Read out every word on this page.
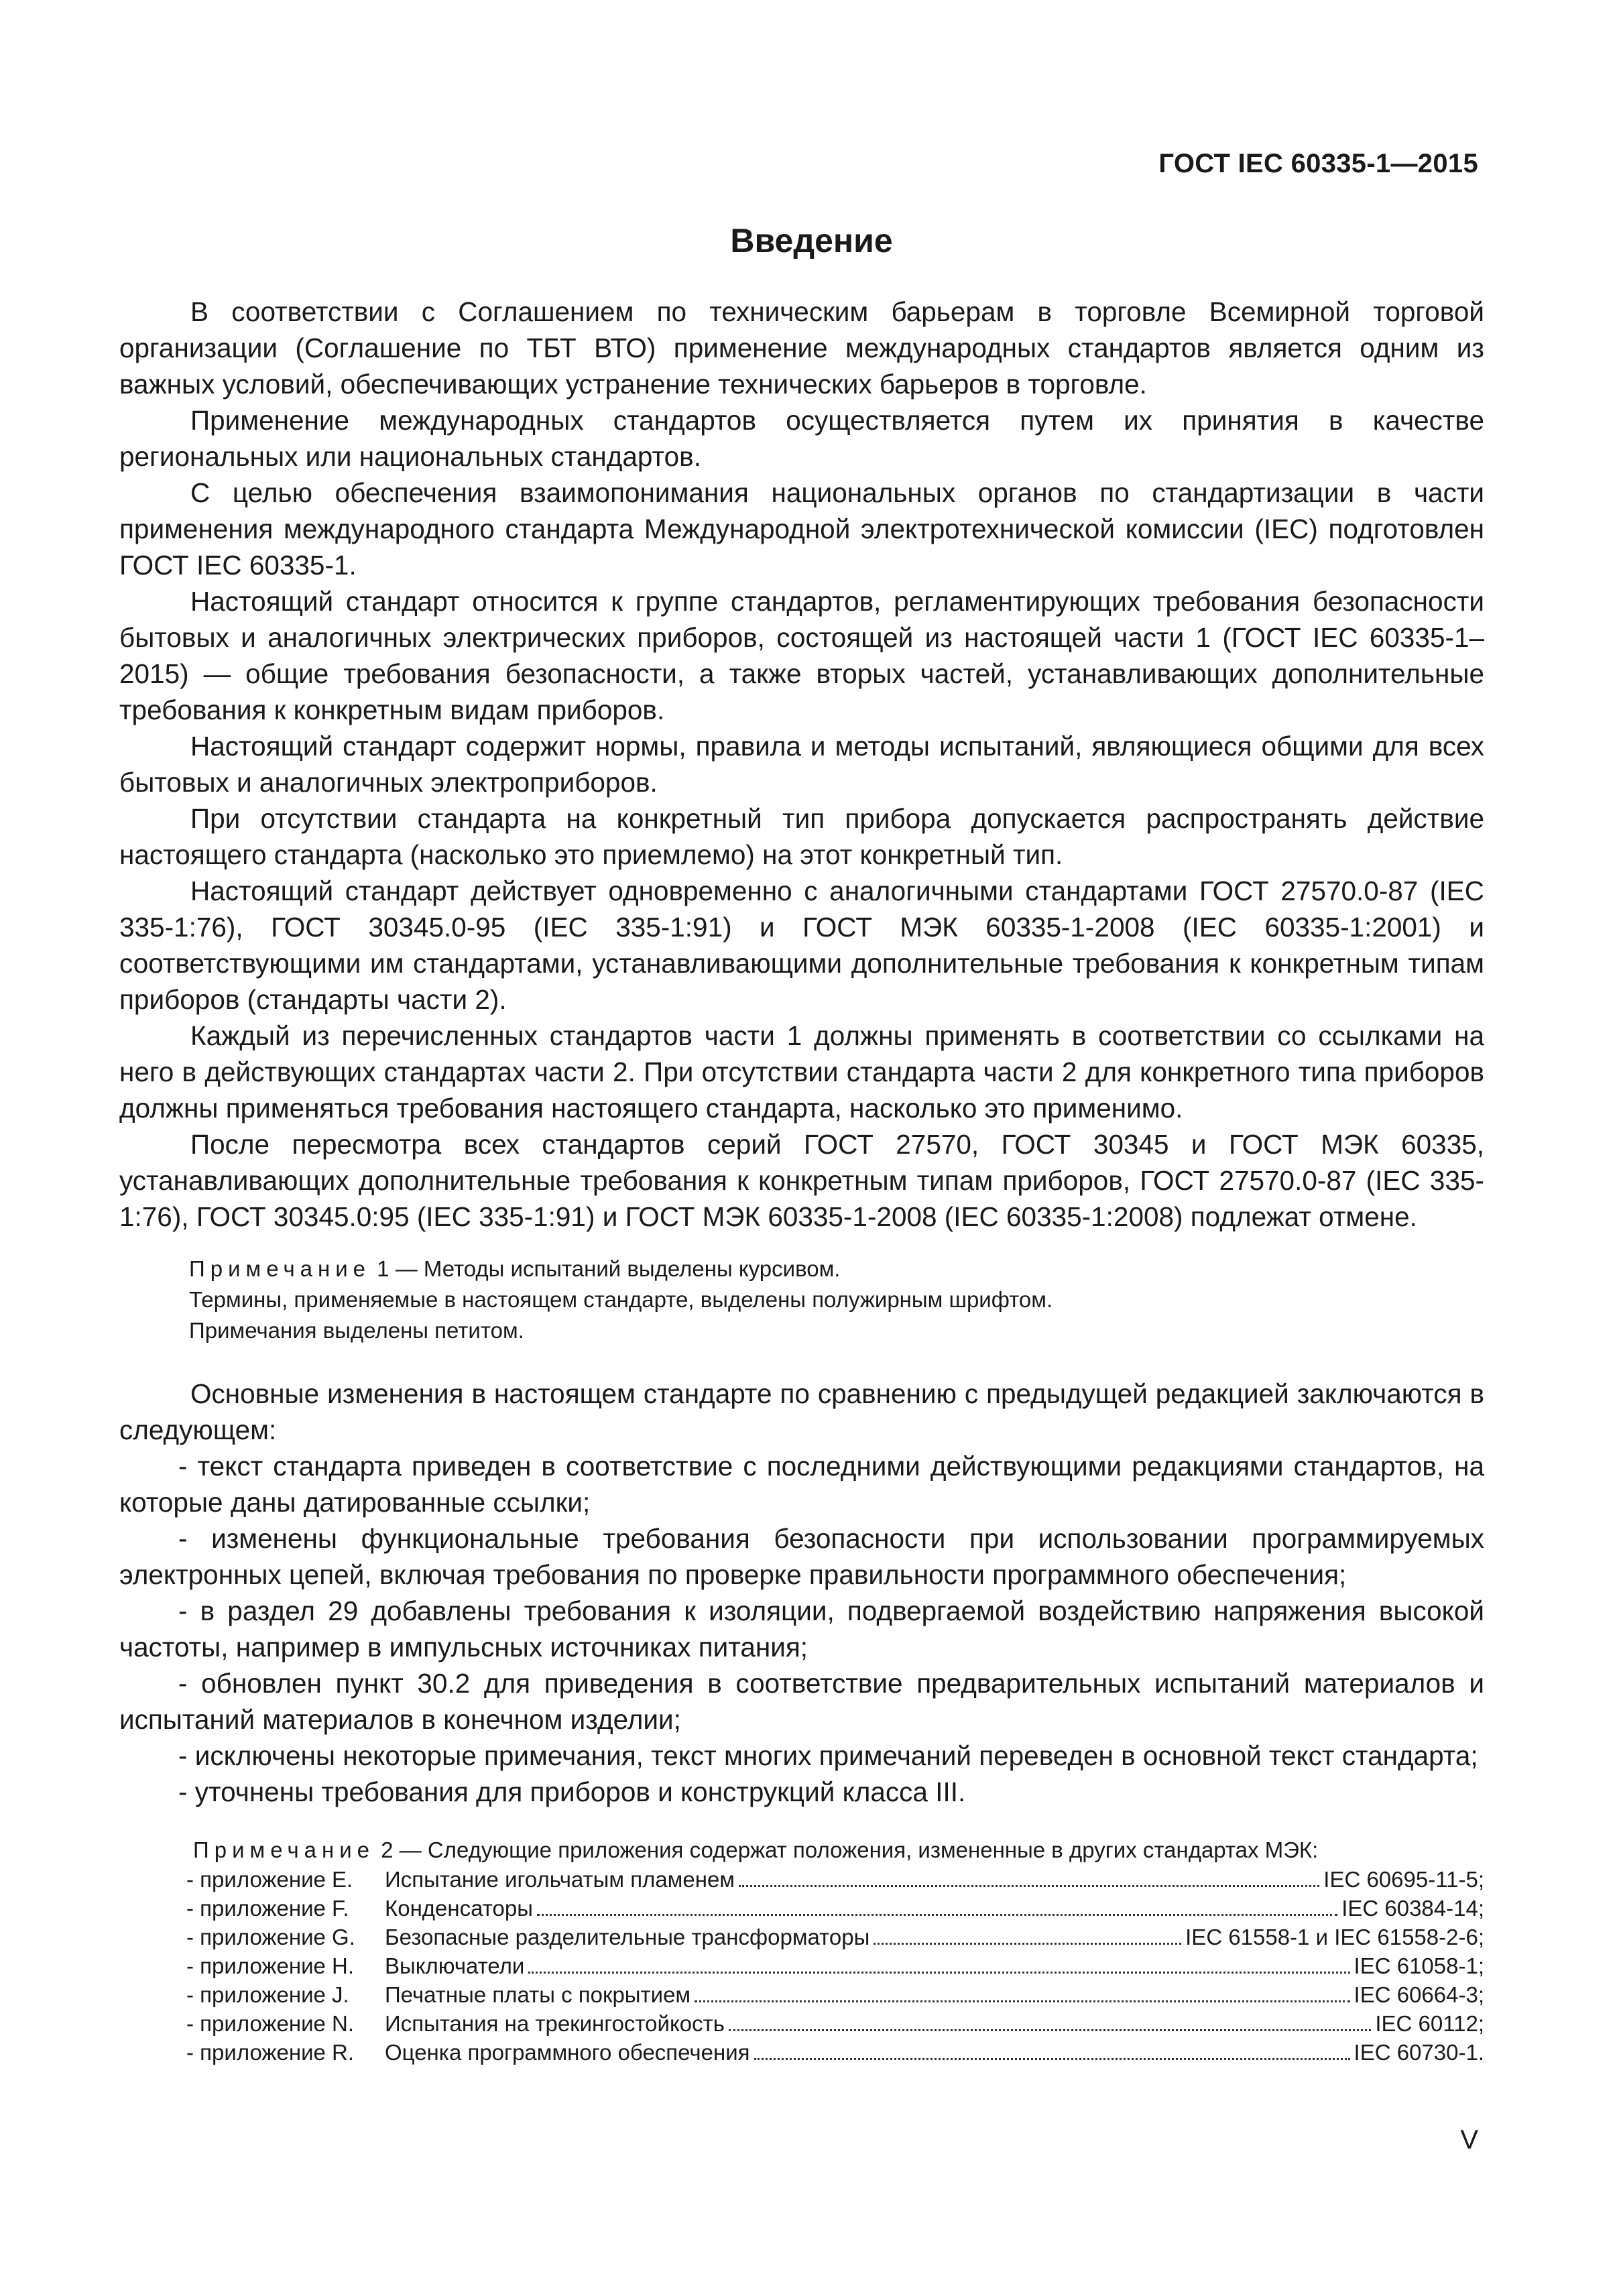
ГОСТ IEC 60335-1—2015
Введение

В соответствии с Соглашением по техническим барьерам в торговле Всемирной торговой организации (Соглашение по ТБТ ВТО) применение международных стандартов является одним из важных условий, обеспечивающих устранение технических барьеров в торговле.

Применение международных стандартов осуществляется путем их принятия в качестве региональных или национальных стандартов.

С целью обеспечения взаимопонимания национальных органов по стандартизации в части применения международного стандарта Международной электротехнической комиссии (IEC) подготовлен ГОСТ IEC 60335-1.

Настоящий стандарт относится к группе стандартов, регламентирующих требования безопасности бытовых и аналогичных электрических приборов, состоящей из настоящей части 1 (ГОСТ IEC 60335-1–2015) — общие требования безопасности, а также вторых частей, устанавливающих дополнительные требования к конкретным видам приборов.

Настоящий стандарт содержит нормы, правила и методы испытаний, являющиеся общими для всех бытовых и аналогичных электроприборов.

При отсутствии стандарта на конкретный тип прибора допускается распространять действие настоящего стандарта (насколько это приемлемо) на этот конкретный тип.

Настоящий стандарт действует одновременно с аналогичными стандартами ГОСТ 27570.0-87 (IEC 335-1:76), ГОСТ 30345.0-95 (IEC 335-1:91) и ГОСТ МЭК 60335-1-2008 (IEC 60335-1:2001) и соответствующими им стандартами, устанавливающими дополнительные требования к конкретным типам приборов (стандарты части 2).

Каждый из перечисленных стандартов части 1 должны применять в соответствии со ссылками на него в действующих стандартах части 2. При отсутствии стандарта части 2 для конкретного типа приборов должны применяться требования настоящего стандарта, насколько это применимо.

После пересмотра всех стандартов серий ГОСТ 27570, ГОСТ 30345 и ГОСТ МЭК 60335, устанавливающих дополнительные требования к конкретным типам приборов, ГОСТ 27570.0-87 (IEC 335-1:76), ГОСТ 30345.0:95 (IEC 335-1:91) и ГОСТ МЭК 60335-1-2008 (IEC 60335-1:2008) подлежат отмене.

Примечание 1 — Методы испытаний выделены курсивом.

Термины, применяемые в настоящем стандарте, выделены полужирным шрифтом.

Примечания выделены петитом.

Основные изменения в настоящем стандарте по сравнению с предыдущей редакцией заключаются в следующем:

- текст стандарта приведен в соответствие с последними действующими редакциями стандартов, на которые даны датированные ссылки;

- изменены функциональные требования безопасности при использовании программируемых электронных цепей, включая требования по проверке правильности программного обеспечения;

- в раздел 29 добавлены требования к изоляции, подвергаемой воздействию напряжения высокой частоты, например в импульсных источниках питания;

- обновлен пункт 30.2 для приведения в соответствие предварительных испытаний материалов и испытаний материалов в конечном изделии;

- исключены некоторые примечания, текст многих примечаний переведен в основной текст стандарта;

- уточнены требования для приборов и конструкций класса III.

Примечание 2 — Следующие приложения содержат положения, измененные в других стандартах МЭК:

- приложение E.	Испытание игольчатым пламенем	IEC 60695-11-5;
- приложение F.	Конденсаторы	IEC 60384-14;
- приложение G.	Безопасные разделительные трансформаторы	IEC 61558-1 и IEC 61558-2-6;
- приложение H.	Выключатели	IEC 61058-1;
- приложение J.	Печатные платы с покрытием	IEC 60664-3;
- приложение N.	Испытания на трекингостойкость	IEC 60112;
- приложение R.	Оценка программного обеспечения	IEC 60730-1.
V
